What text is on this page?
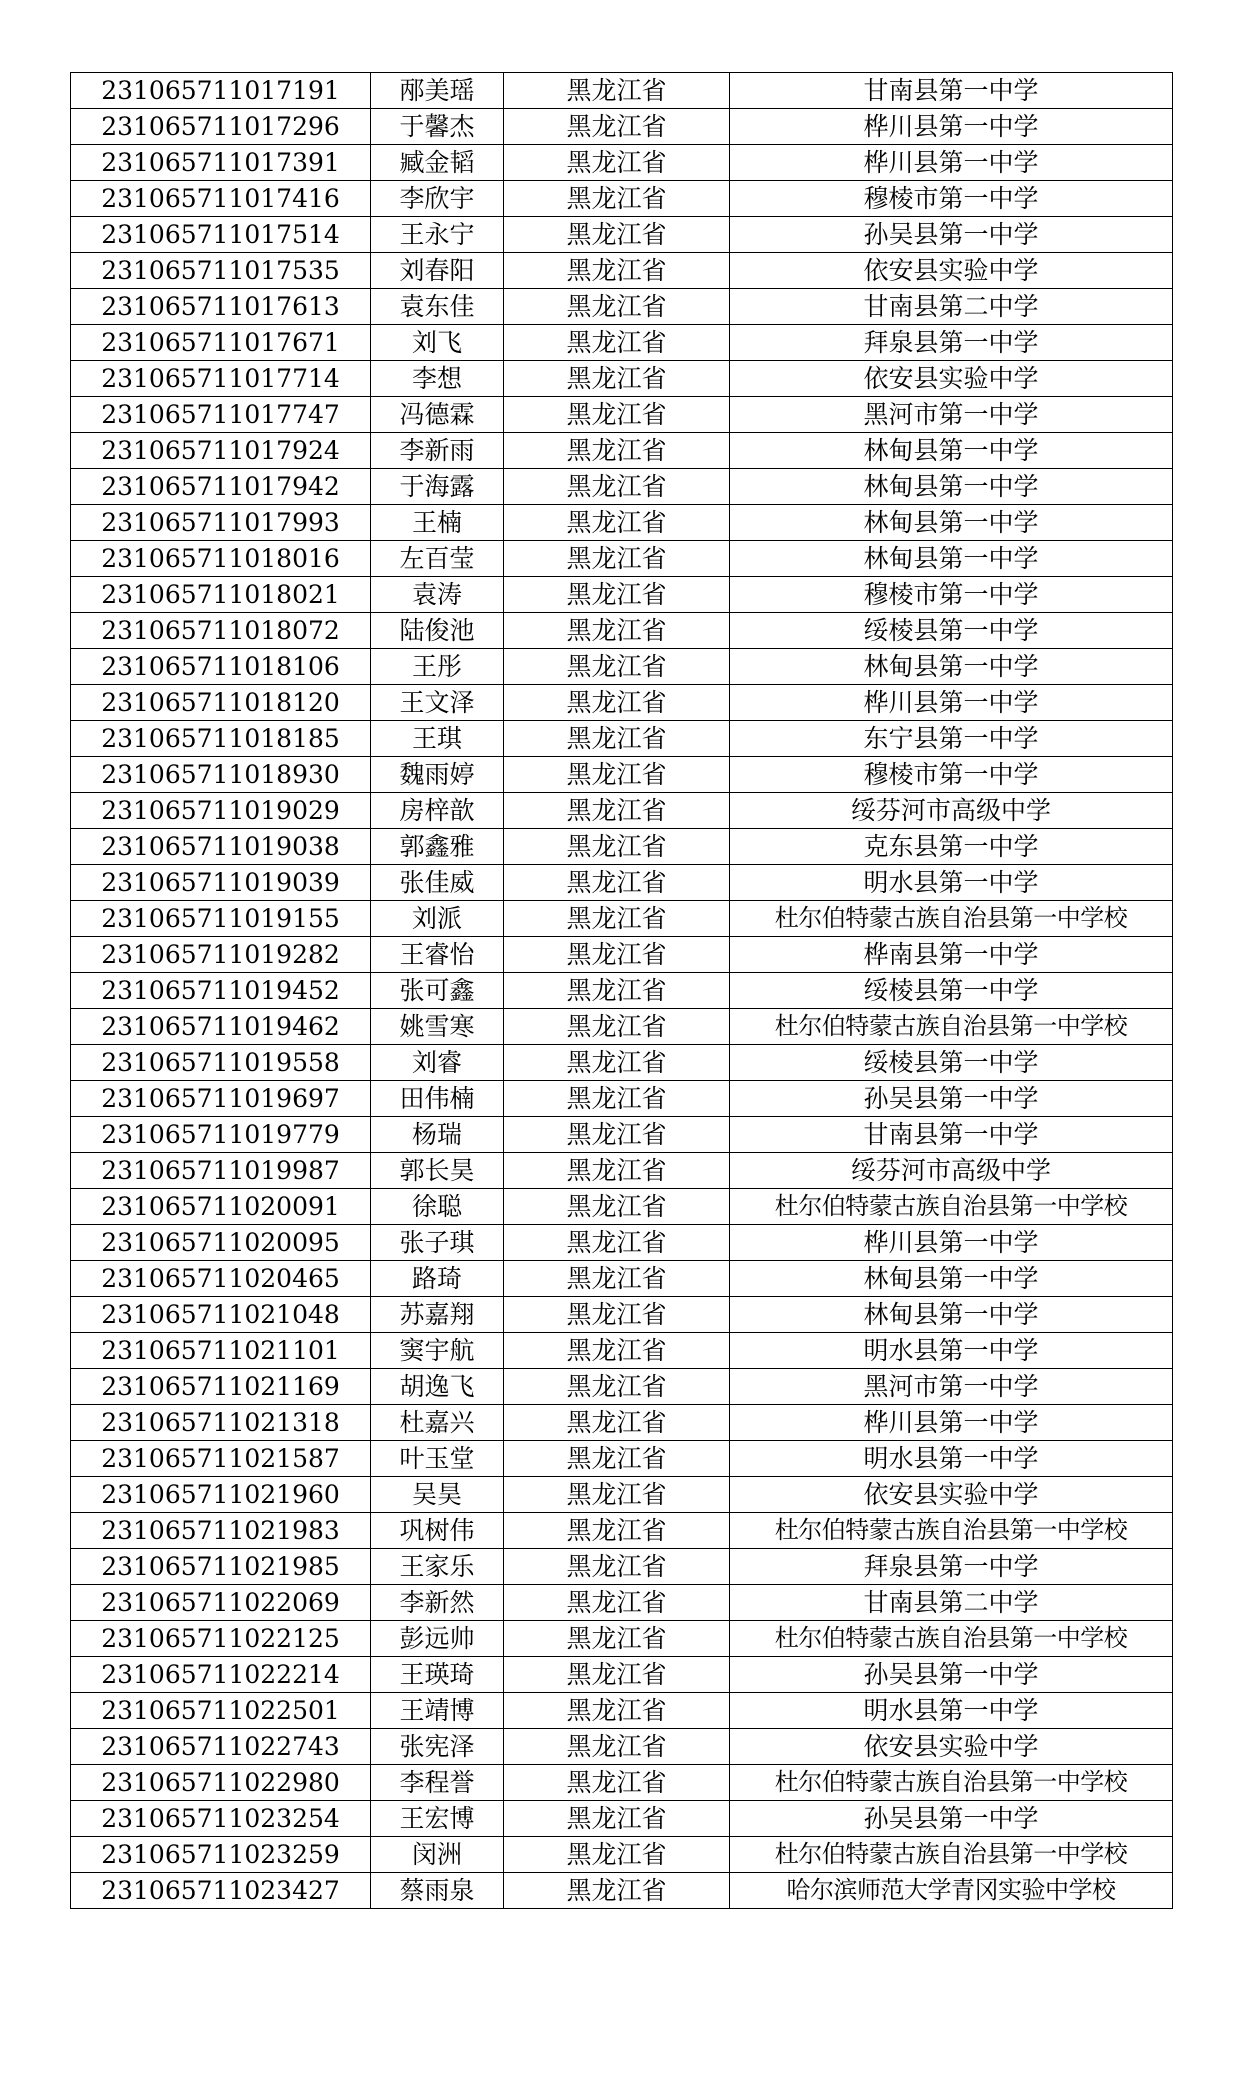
231065711017191	邴美瑶	黑龙江省	甘南县第一中学
231065711017296	于馨杰	黑龙江省	桦川县第一中学
231065711017391	臧金韬	黑龙江省	桦川县第一中学
231065711017416	李欣宇	黑龙江省	穆棱市第一中学
231065711017514	王永宁	黑龙江省	孙吴县第一中学
231065711017535	刘春阳	黑龙江省	依安县实验中学
231065711017613	袁东佳	黑龙江省	甘南县第二中学
231065711017671	刘飞	黑龙江省	拜泉县第一中学
231065711017714	李想	黑龙江省	依安县实验中学
231065711017747	冯德霖	黑龙江省	黑河市第一中学
231065711017924	李新雨	黑龙江省	林甸县第一中学
231065711017942	于海露	黑龙江省	林甸县第一中学
231065711017993	王楠	黑龙江省	林甸县第一中学
231065711018016	左百莹	黑龙江省	林甸县第一中学
231065711018021	袁涛	黑龙江省	穆棱市第一中学
231065711018072	陆俊池	黑龙江省	绥棱县第一中学
231065711018106	王彤	黑龙江省	林甸县第一中学
231065711018120	王文泽	黑龙江省	桦川县第一中学
231065711018185	王琪	黑龙江省	东宁县第一中学
231065711018930	魏雨婷	黑龙江省	穆棱市第一中学
231065711019029	房梓歆	黑龙江省	绥芬河市高级中学
231065711019038	郭鑫雅	黑龙江省	克东县第一中学
231065711019039	张佳威	黑龙江省	明水县第一中学
231065711019155	刘派	黑龙江省	杜尔伯特蒙古族自治县第一中学校
231065711019282	王睿怡	黑龙江省	桦南县第一中学
231065711019452	张可鑫	黑龙江省	绥棱县第一中学
231065711019462	姚雪寒	黑龙江省	杜尔伯特蒙古族自治县第一中学校
231065711019558	刘睿	黑龙江省	绥棱县第一中学
231065711019697	田伟楠	黑龙江省	孙吴县第一中学
231065711019779	杨瑞	黑龙江省	甘南县第一中学
231065711019987	郭长昊	黑龙江省	绥芬河市高级中学
231065711020091	徐聪	黑龙江省	杜尔伯特蒙古族自治县第一中学校
231065711020095	张子琪	黑龙江省	桦川县第一中学
231065711020465	路琦	黑龙江省	林甸县第一中学
231065711021048	苏嘉翔	黑龙江省	林甸县第一中学
231065711021101	窦宇航	黑龙江省	明水县第一中学
231065711021169	胡逸飞	黑龙江省	黑河市第一中学
231065711021318	杜嘉兴	黑龙江省	桦川县第一中学
231065711021587	叶玉堂	黑龙江省	明水县第一中学
231065711021960	吴昊	黑龙江省	依安县实验中学
231065711021983	巩树伟	黑龙江省	杜尔伯特蒙古族自治县第一中学校
231065711021985	王家乐	黑龙江省	拜泉县第一中学
231065711022069	李新然	黑龙江省	甘南县第二中学
231065711022125	彭远帅	黑龙江省	杜尔伯特蒙古族自治县第一中学校
231065711022214	王瑛琦	黑龙江省	孙吴县第一中学
231065711022501	王靖博	黑龙江省	明水县第一中学
231065711022743	张宪泽	黑龙江省	依安县实验中学
231065711022980	李程誉	黑龙江省	杜尔伯特蒙古族自治县第一中学校
231065711023254	王宏博	黑龙江省	孙吴县第一中学
231065711023259	闵洲	黑龙江省	杜尔伯特蒙古族自治县第一中学校
231065711023427	蔡雨泉	黑龙江省	哈尔滨师范大学青冈实验中学校
